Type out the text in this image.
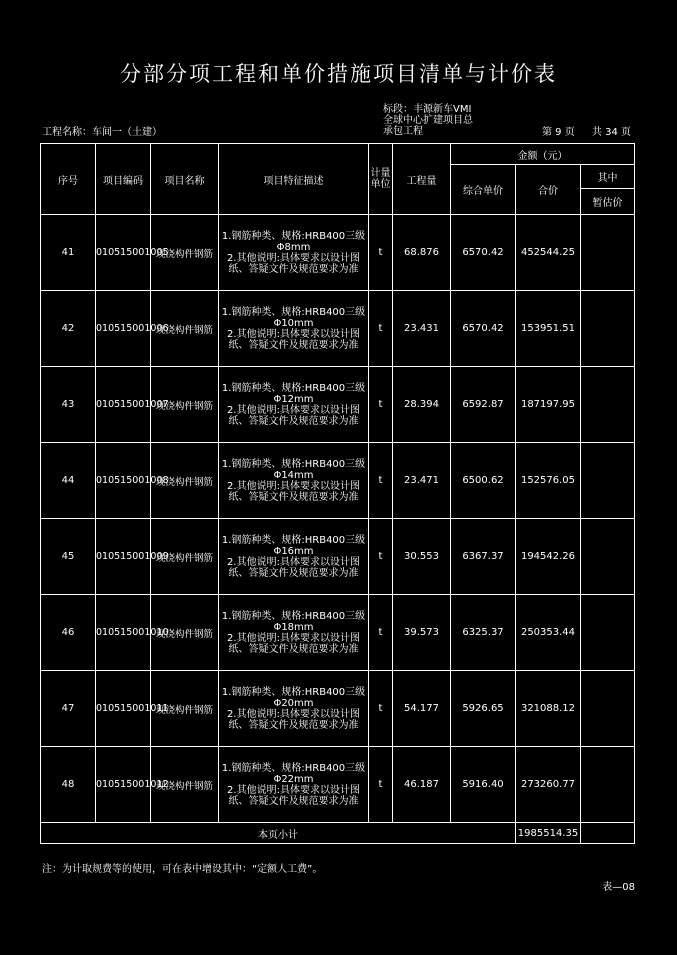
分部分项工程和单价措施项目清单与计价表
标段：丰源新车VMI
全球中心扩建项目总
承包工程
工程名称：车间一（土建）	第 9 页 共 34 页
序号	项目编码	项目名称	项目特征描述	计量单位	工程量	金额（元）		
						综合单价	合价	其中
								暂估价
41	010515001005	现浇构件钢筋	1.钢筋种类、规格:HRB400三级Φ8mm
2.其他说明:具体要求以设计图纸、答疑文件及规范要求为准	t	68.876	6570.42	452544.25	
42	010515001006	现浇构件钢筋	1.钢筋种类、规格:HRB400三级Φ10mm
2.其他说明:具体要求以设计图纸、答疑文件及规范要求为准	t	23.431	6570.42	153951.51	
43	010515001007	现浇构件钢筋	1.钢筋种类、规格:HRB400三级Φ12mm
2.其他说明:具体要求以设计图纸、答疑文件及规范要求为准	t	28.394	6592.87	187197.95	
44	010515001008	现浇构件钢筋	1.钢筋种类、规格:HRB400三级Φ14mm
2.其他说明:具体要求以设计图纸、答疑文件及规范要求为准	t	23.471	6500.62	152576.05	
45	010515001009	现浇构件钢筋	1.钢筋种类、规格:HRB400三级Φ16mm
2.其他说明:具体要求以设计图纸、答疑文件及规范要求为准	t	30.553	6367.37	194542.26	
46	010515001010	现浇构件钢筋	1.钢筋种类、规格:HRB400三级Φ18mm
2.其他说明:具体要求以设计图纸、答疑文件及规范要求为准	t	39.573	6325.37	250353.44	
47	010515001011	现浇构件钢筋	1.钢筋种类、规格:HRB400三级Φ20mm
2.其他说明:具体要求以设计图纸、答疑文件及规范要求为准	t	54.177	5926.65	321088.12	
48	010515001012	现浇构件钢筋	1.钢筋种类、规格:HRB400三级Φ22mm
2.其他说明:具体要求以设计图纸、答疑文件及规范要求为准	t	46.187	5916.40	273260.77	
本页小计							1985514.35	
注：为计取规费等的使用，可在表中增设其中：“定额人工费”。
表—08
